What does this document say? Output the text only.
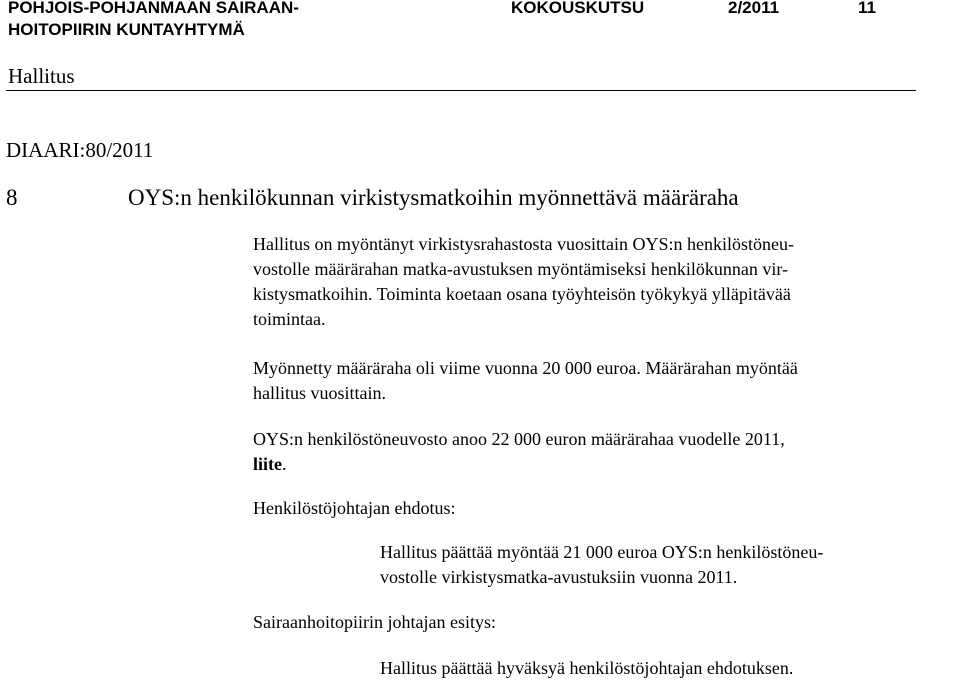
POHJOIS-POHJANMAAN SAIRAAN-
HOITOPIIRIN KUNTAYHTYMÄ
KOKOUSKUTSU	2/2011	11
Hallitus
DIAARI:80/2011
8	OYS:n henkilökunnan virkistysmatkoihin myönnettävä määräraha
Hallitus on myöntänyt virkistysrahastosta vuosittain OYS:n henkilöstöneu-
vostolle määrärahan matka-avustuksen myöntämiseksi henkilökunnan vir-
kistysmatkoihin. Toiminta koetaan osana työyhteisön työkykyä ylläpitävää
toimintaa.
Myönnetty määräraha oli viime vuonna 20 000 euroa. Määrärahan myöntää
hallitus vuosittain.
OYS:n henkilöstöneuvosto anoo 22 000 euron määrärahaa vuodelle 2011,
liite.
Henkilöstöjohtajan ehdotus:
Hallitus päättää myöntää 21 000 euroa OYS:n henkilöstöneu-
vostolle virkistysmatka-avustuksiin vuonna 2011.
Sairaanhoitopiirin johtajan esitys:
Hallitus päättää hyväksyä henkilöstöjohtajan ehdotuksen.
